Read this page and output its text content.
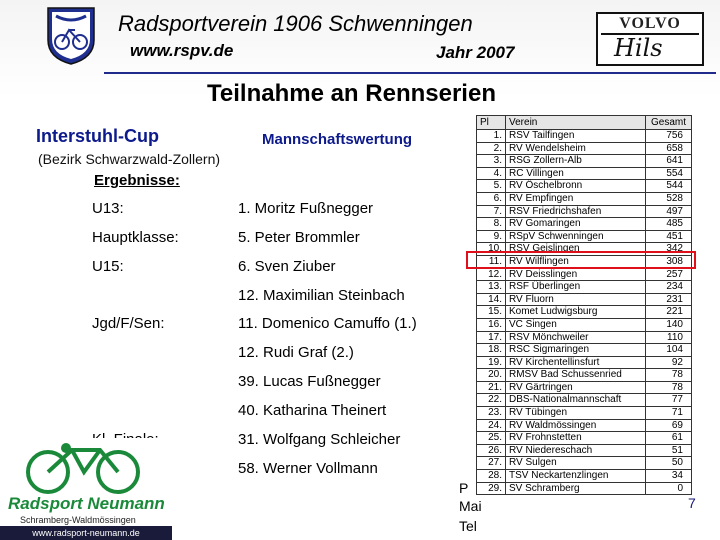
Radsportverein 1906 Schwenningen
www.rspv.de	Jahr 2007
VOLVO
Hils
Teilnahme an Rennserien
Interstuhl-Cup	Mannschaftswertung
(Bezirk Schwarzwald-Zollern)
Ergebnisse:
U13:	1. Moritz Fußnegger
Hauptklasse:	5. Peter Brommler
U15:	6. Sven Ziuber
12. Maximilian Steinbach
Jgd/F/Sen:	11. Domenico Camuffo (1.)
12. Rudi Graf (2.)
39. Lucas Fußnegger
40. Katharina Theinert
31. Wolfgang Schleicher
58. Werner Vollmann
Pl	Verein	Gesamt
1.	RSV Tailfingen	756
2.	RV Wendelsheim	658
3.	RSG Zollern-Alb	641
4.	RC Villingen	554
5.	RV Öschelbronn	544
6.	RV Empfingen	528
7.	RSV Friedrichshafen	497
8.	RV Gomaringen	485
9.	RSpV Schwenningen	451
10.	RSV Geislingen	342
11.	RV Wilflingen	308
12.	RV Deisslingen	257
13.	RSF Überlingen	234
14.	RV Fluorn	231
15.	Komet Ludwigsburg	221
16.	VC Singen	140
17.	RSV Mönchweiler	110
18.	RSC Sigmaringen	104
19.	RV Kirchentellinsfurt	92
20.	RMSV Bad Schussenried	78
21.	RV Gärtringen	78
22.	DBS-Nationalmannschaft	77
23.	RV Tübingen	71
24.	RV Waldmössingen	69
25.	RV Frohnstetten	61
26.	RV Niedereschach	51
27.	RV Sulgen	50
28.	TSV Neckartenzlingen	34
29.	SV Schramberg	0
P
Mai
Tel
7
Radsport Neumann
Schramberg-Waldmössingen
www.radsport-neumann.de
